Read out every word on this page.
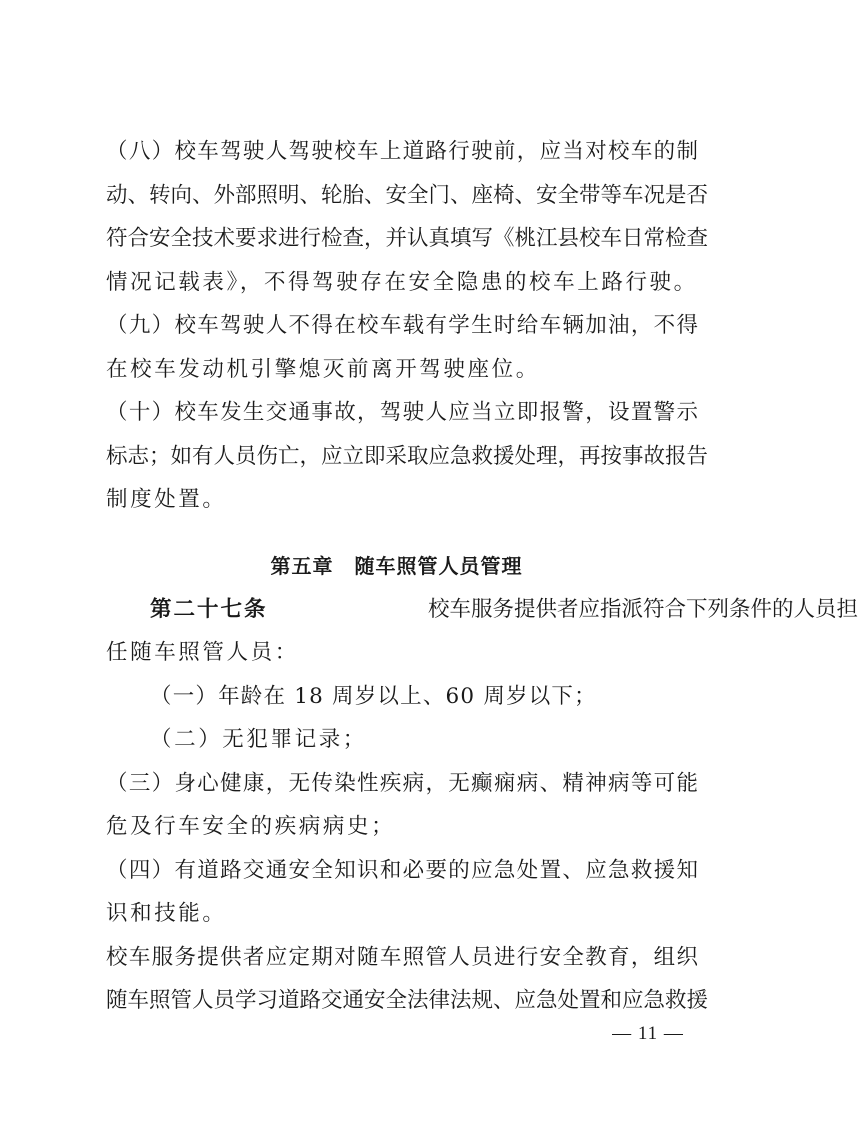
（八）校车驾驶人驾驶校车上道路行驶前，应当对校车的制
动、转向、外部照明、轮胎、安全门、座椅、安全带等车况是否
符合安全技术要求进行检查，并认真填写《桃江县校车日常检查
情况记载表》，不得驾驶存在安全隐患的校车上路行驶。
（九）校车驾驶人不得在校车载有学生时给车辆加油，不得
在校车发动机引擎熄灭前离开驾驶座位。
（十）校车发生交通事故，驾驶人应当立即报警，设置警示
标志；如有人员伤亡，应立即采取应急救援处理，再按事故报告
制度处置。
第五章　随车照管人员管理
第二十七条	校车服务提供者应指派符合下列条件的人员担
任随车照管人员：
（一）年龄在 18 周岁以上、60 周岁以下；
（二）无犯罪记录；
（三）身心健康，无传染性疾病，无癫痫病、精神病等可能
危及行车安全的疾病病史；
（四）有道路交通安全知识和必要的应急处置、应急救援知
识和技能。
校车服务提供者应定期对随车照管人员进行安全教育，组织
随车照管人员学习道路交通安全法律法规、应急处置和应急救援
— 11 —
